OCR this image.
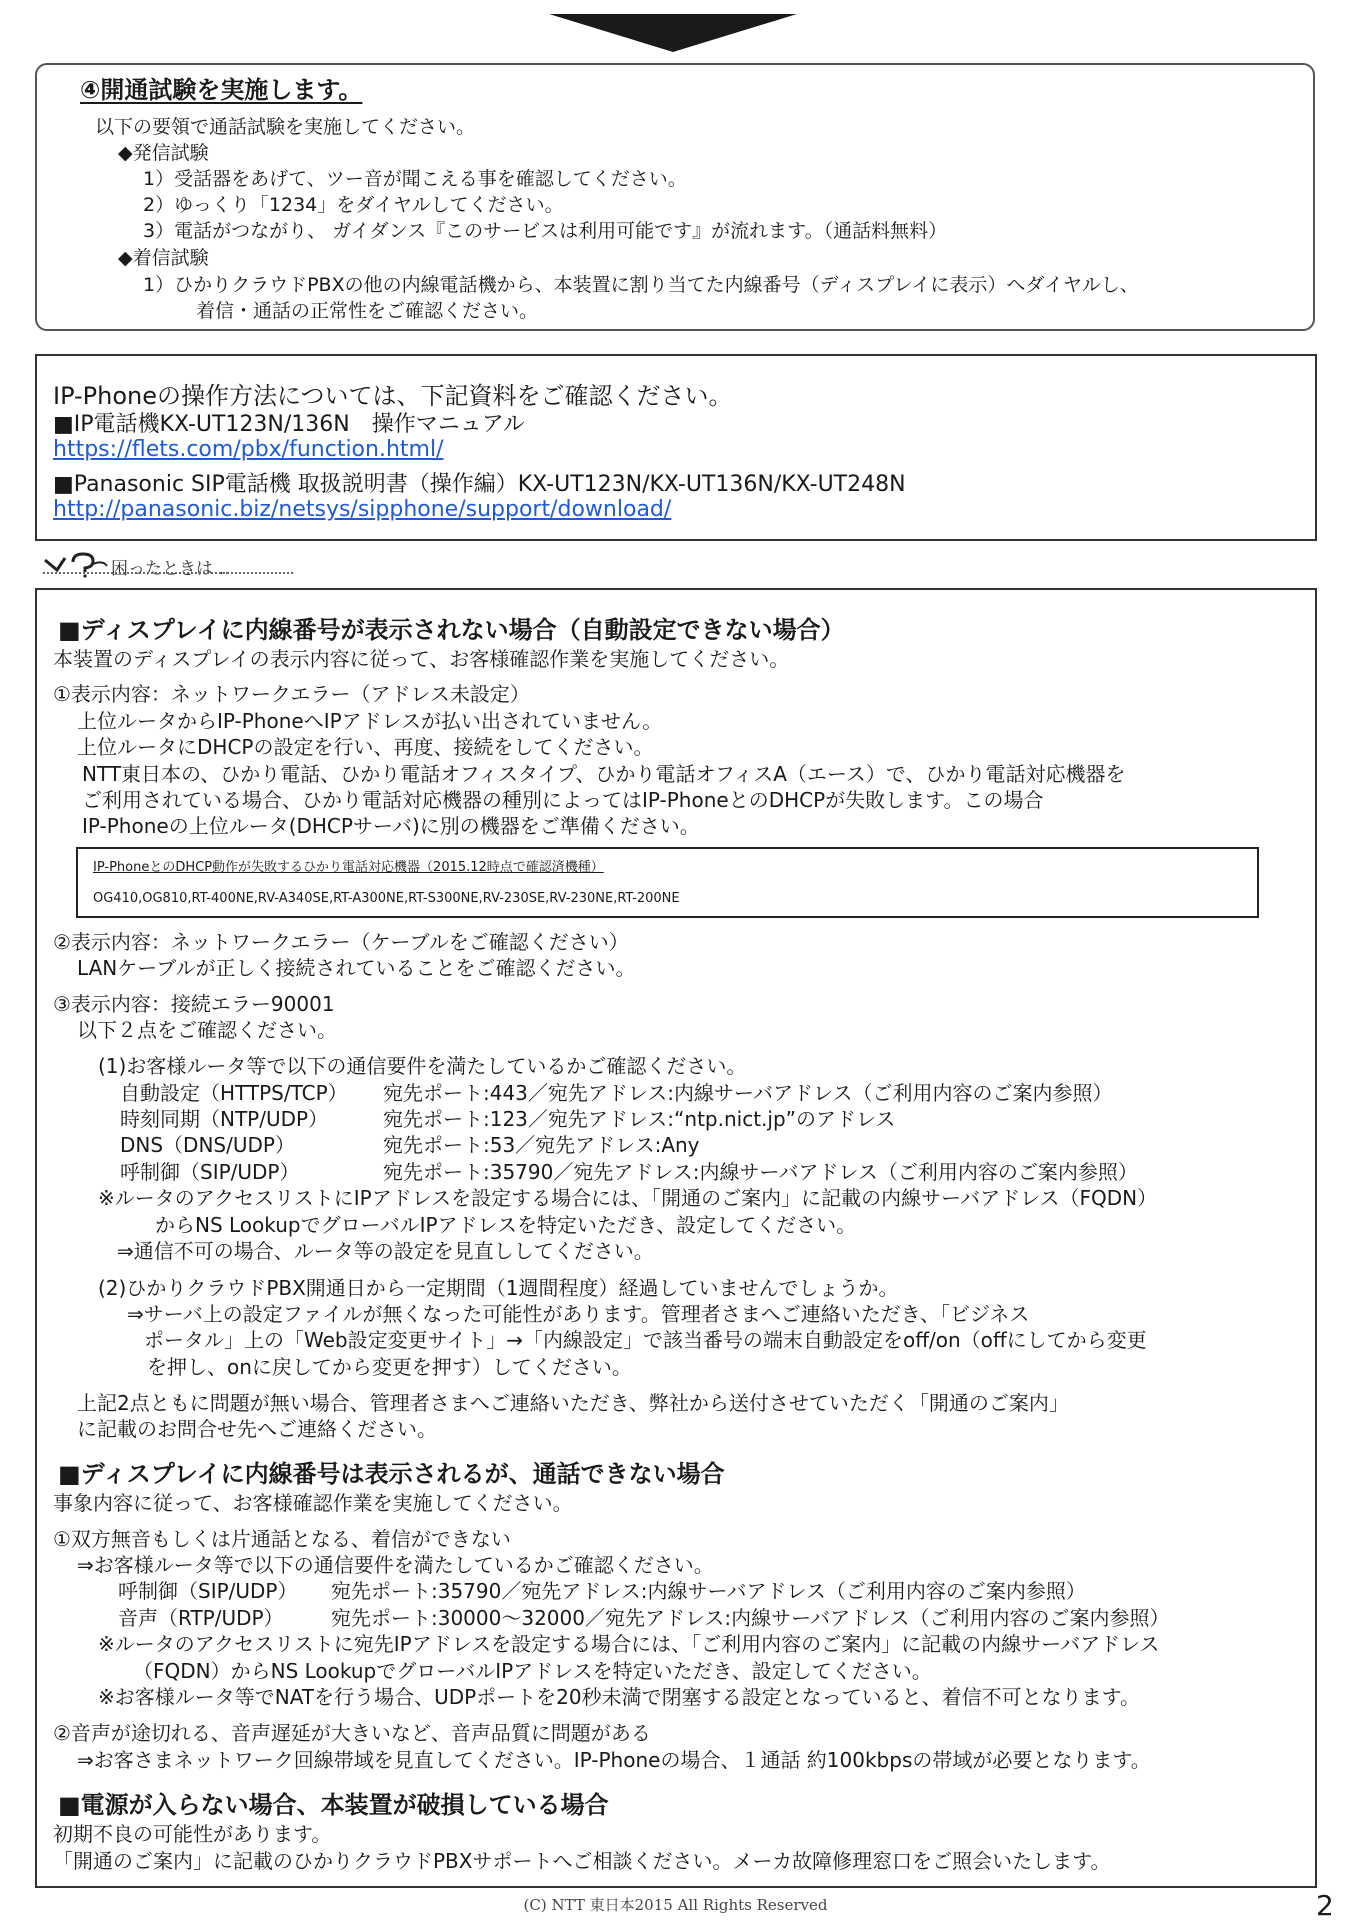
④開通試験を実施します。
以下の要領で通話試験を実施してください。
◆発信試験
1）受話器をあげて、ツー音が聞こえる事を確認してください。
2）ゆっくり「1234」をダイヤルしてください。
3）電話がつながり、 ガイダンス『このサービスは利用可能です』が流れます。（通話料無料）
◆着信試験
1）ひかりクラウドPBXの他の内線電話機から、本装置に割り当てた内線番号（ディスプレイに表示）へダイヤルし、
着信・通話の正常性をご確認ください。
IP-Phoneの操作方法については、下記資料をご確認ください。
■IP電話機KX-UT123N/136N　操作マニュアル
https://flets.com/pbx/function.html/
■Panasonic SIP電話機 取扱説明書（操作編）KX-UT123N/KX-UT136N/KX-UT248N
http://panasonic.biz/netsys/sipphone/support/download/
困ったときは…
■ディスプレイに内線番号が表示されない場合（自動設定できない場合）
本装置のディスプレイの表示内容に従って、お客様確認作業を実施してください。
①表示内容：ネットワークエラー（アドレス未設定）
上位ルータからIP-PhoneへIPアドレスが払い出されていません。
上位ルータにDHCPの設定を行い、再度、接続をしてください。
NTT東日本の、ひかり電話、ひかり電話オフィスタイプ、ひかり電話オフィスA（エース）で、ひかり電話対応機器を
ご利用されている場合、ひかり電話対応機器の種別によってはIP-PhoneとのDHCPが失敗します。この場合
IP-Phoneの上位ルータ(DHCPサーバ)に別の機器をご準備ください。
IP-PhoneとのDHCP動作が失敗するひかり電話対応機器（2015.12時点で確認済機種）
OG410,OG810,RT-400NE,RV-A340SE,RT-A300NE,RT-S300NE,RV-230SE,RV-230NE,RT-200NE
②表示内容：ネットワークエラー（ケーブルをご確認ください）
LANケーブルが正しく接続されていることをご確認ください。
③表示内容：接続エラー90001
以下２点をご確認ください。
(1)お客様ルータ等で以下の通信要件を満たしているかご確認ください。
自動設定（HTTPS/TCP） 宛先ポート:443／宛先アドレス:内線サーバアドレス（ご利用内容のご案内参照）
時刻同期（NTP/UDP）	宛先ポート:123／宛先アドレス:“ntp.nict.jp”のアドレス
DNS（DNS/UDP）	宛先ポート:53／宛先アドレス:Any
呼制御（SIP/UDP）	宛先ポート:35790／宛先アドレス:内線サーバアドレス（ご利用内容のご案内参照）
※ルータのアクセスリストにIPアドレスを設定する場合には、「開通のご案内」に記載の内線サーバアドレス（FQDN）
からNS LookupでグローバルIPアドレスを特定いただき、設定してください。
⇒通信不可の場合、ルータ等の設定を見直ししてください。
(2)ひかりクラウドPBX開通日から一定期間（1週間程度）経過していませんでしょうか。
⇒サーバ上の設定ファイルが無くなった可能性があります。管理者さまへご連絡いただき、「ビジネス
ポータル」上の「Web設定変更サイト」→「内線設定」で該当番号の端末自動設定をoff/on（offにしてから変更
を押し、onに戻してから変更を押す）してください。
上記2点ともに問題が無い場合、管理者さまへご連絡いただき、弊社から送付させていただく「開通のご案内」
に記載のお問合せ先へご連絡ください。
■ディスプレイに内線番号は表示されるが、通話できない場合
事象内容に従って、お客様確認作業を実施してください。
①双方無音もしくは片通話となる、着信ができない
⇒お客様ルータ等で以下の通信要件を満たしているかご確認ください。
呼制御（SIP/UDP） 宛先ポート:35790／宛先アドレス:内線サーバアドレス（ご利用内容のご案内参照）
音声（RTP/UDP） 宛先ポート:30000～32000／宛先アドレス:内線サーバアドレス（ご利用内容のご案内参照）
※ルータのアクセスリストに宛先IPアドレスを設定する場合には、「ご利用内容のご案内」に記載の内線サーバアドレス
（FQDN）からNS LookupでグローバルIPアドレスを特定いただき、設定してください。
※お客様ルータ等でNATを行う場合、UDPポートを20秒未満で閉塞する設定となっていると、着信不可となります。
②音声が途切れる、音声遅延が大きいなど、音声品質に問題がある
⇒お客さまネットワーク回線帯域を見直してください。IP-Phoneの場合、１通話 約100kbpsの帯域が必要となります。
■電源が入らない場合、本装置が破損している場合
初期不良の可能性があります。
「開通のご案内」に記載のひかりクラウドPBXサポートへご相談ください。メーカ故障修理窓口をご照会いたします。
(C) NTT 東日本2015 All Rights Reserved	2
